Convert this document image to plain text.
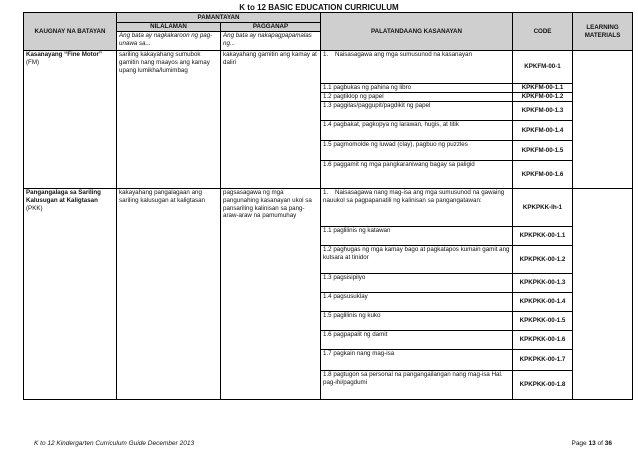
K to 12 BASIC EDUCATION CURRICULUM
KAUGNAY NA BATAYAN	PAMANTAYAN		PALATANDAANG KASANAYAN	CODE	LEARNING MATERIALS
	NILALAMAN	PAGGANAP			
	Ang bata ay nagkakaroon ng pag-unawa sa...	Ang bata ay nakapagpapamalas ng...			
Kasanayang “Fine Motor” (FM)	sariling kakayahang sumubok gamitin nang maayos ang kamay upang lumikha/lumimbag	kakayahang gamitin ang kamay at daliri	1. Naisasagawa ang mga sumusunod na kasanayan	KPKFM-00-1	
			1.1 pagbukas ng pahina ng libro	KPKFM-00-1.1	
			1.2 pagtiklop ng papel	KPKFM-00-1.2	
			1.3 paggilas/paggupit/pagdikit ng papel	KPKFM-00-1.3	
			1.4 pagbakat, pagkopya ng larawan, hugis, at titik	KPKFM-00-1.4	
			1.5 pagmomolde ng luwad (clay), pagbuo ng puzzles	KPKFM-00-1.5	
			1.6 paggamit ng mga pangkaraniwang bagay sa paligid	KPKFM-00-1.6	
Pangangalaga sa Sariling Kalusugan at Kaligtasan (PKK)	kakayahang pangalagaan ang sariling kalusugan at kaligtasan	pagsasagawa ng mga pangunahing kasanayan ukol sa pansariling kalinisan sa pang-araw-araw na pamumuhay	1. Naisasagawa nang mag-isa ang mga sumusunod na gawaing nauukol sa pagpapanatili ng kalinisan sa pangangatawan:	KPKPKK-Ih-1	
			1.1 paglilinis ng katawan	KPKPKK-00-1.1	
			1.2 paghugas ng mga kamay bago at pagkatapos kumain gamit ang kutsara at tinidor	KPKPKK-00-1.2	
			1.3 pagsisipilyo	KPKPKK-00-1.3	
			1.4 pagsusuklay	KPKPKK-00-1.4	
			1.5 paglilinis ng kuko	KPKPKK-00-1.5	
			1.6 pagpapalit ng damit	KPKPKK-00-1.6	
			1.7 pagkain nang mag-isa	KPKPKK-00-1.7	
			1.8 pagtugon sa personal na pangangailangan nang mag-isa Hal. pag-ihi/pagdumi	KPKPKK-00-1.8	
K to 12 Kindergarten Curriculum Guide December 2013	Page 13 of 36
